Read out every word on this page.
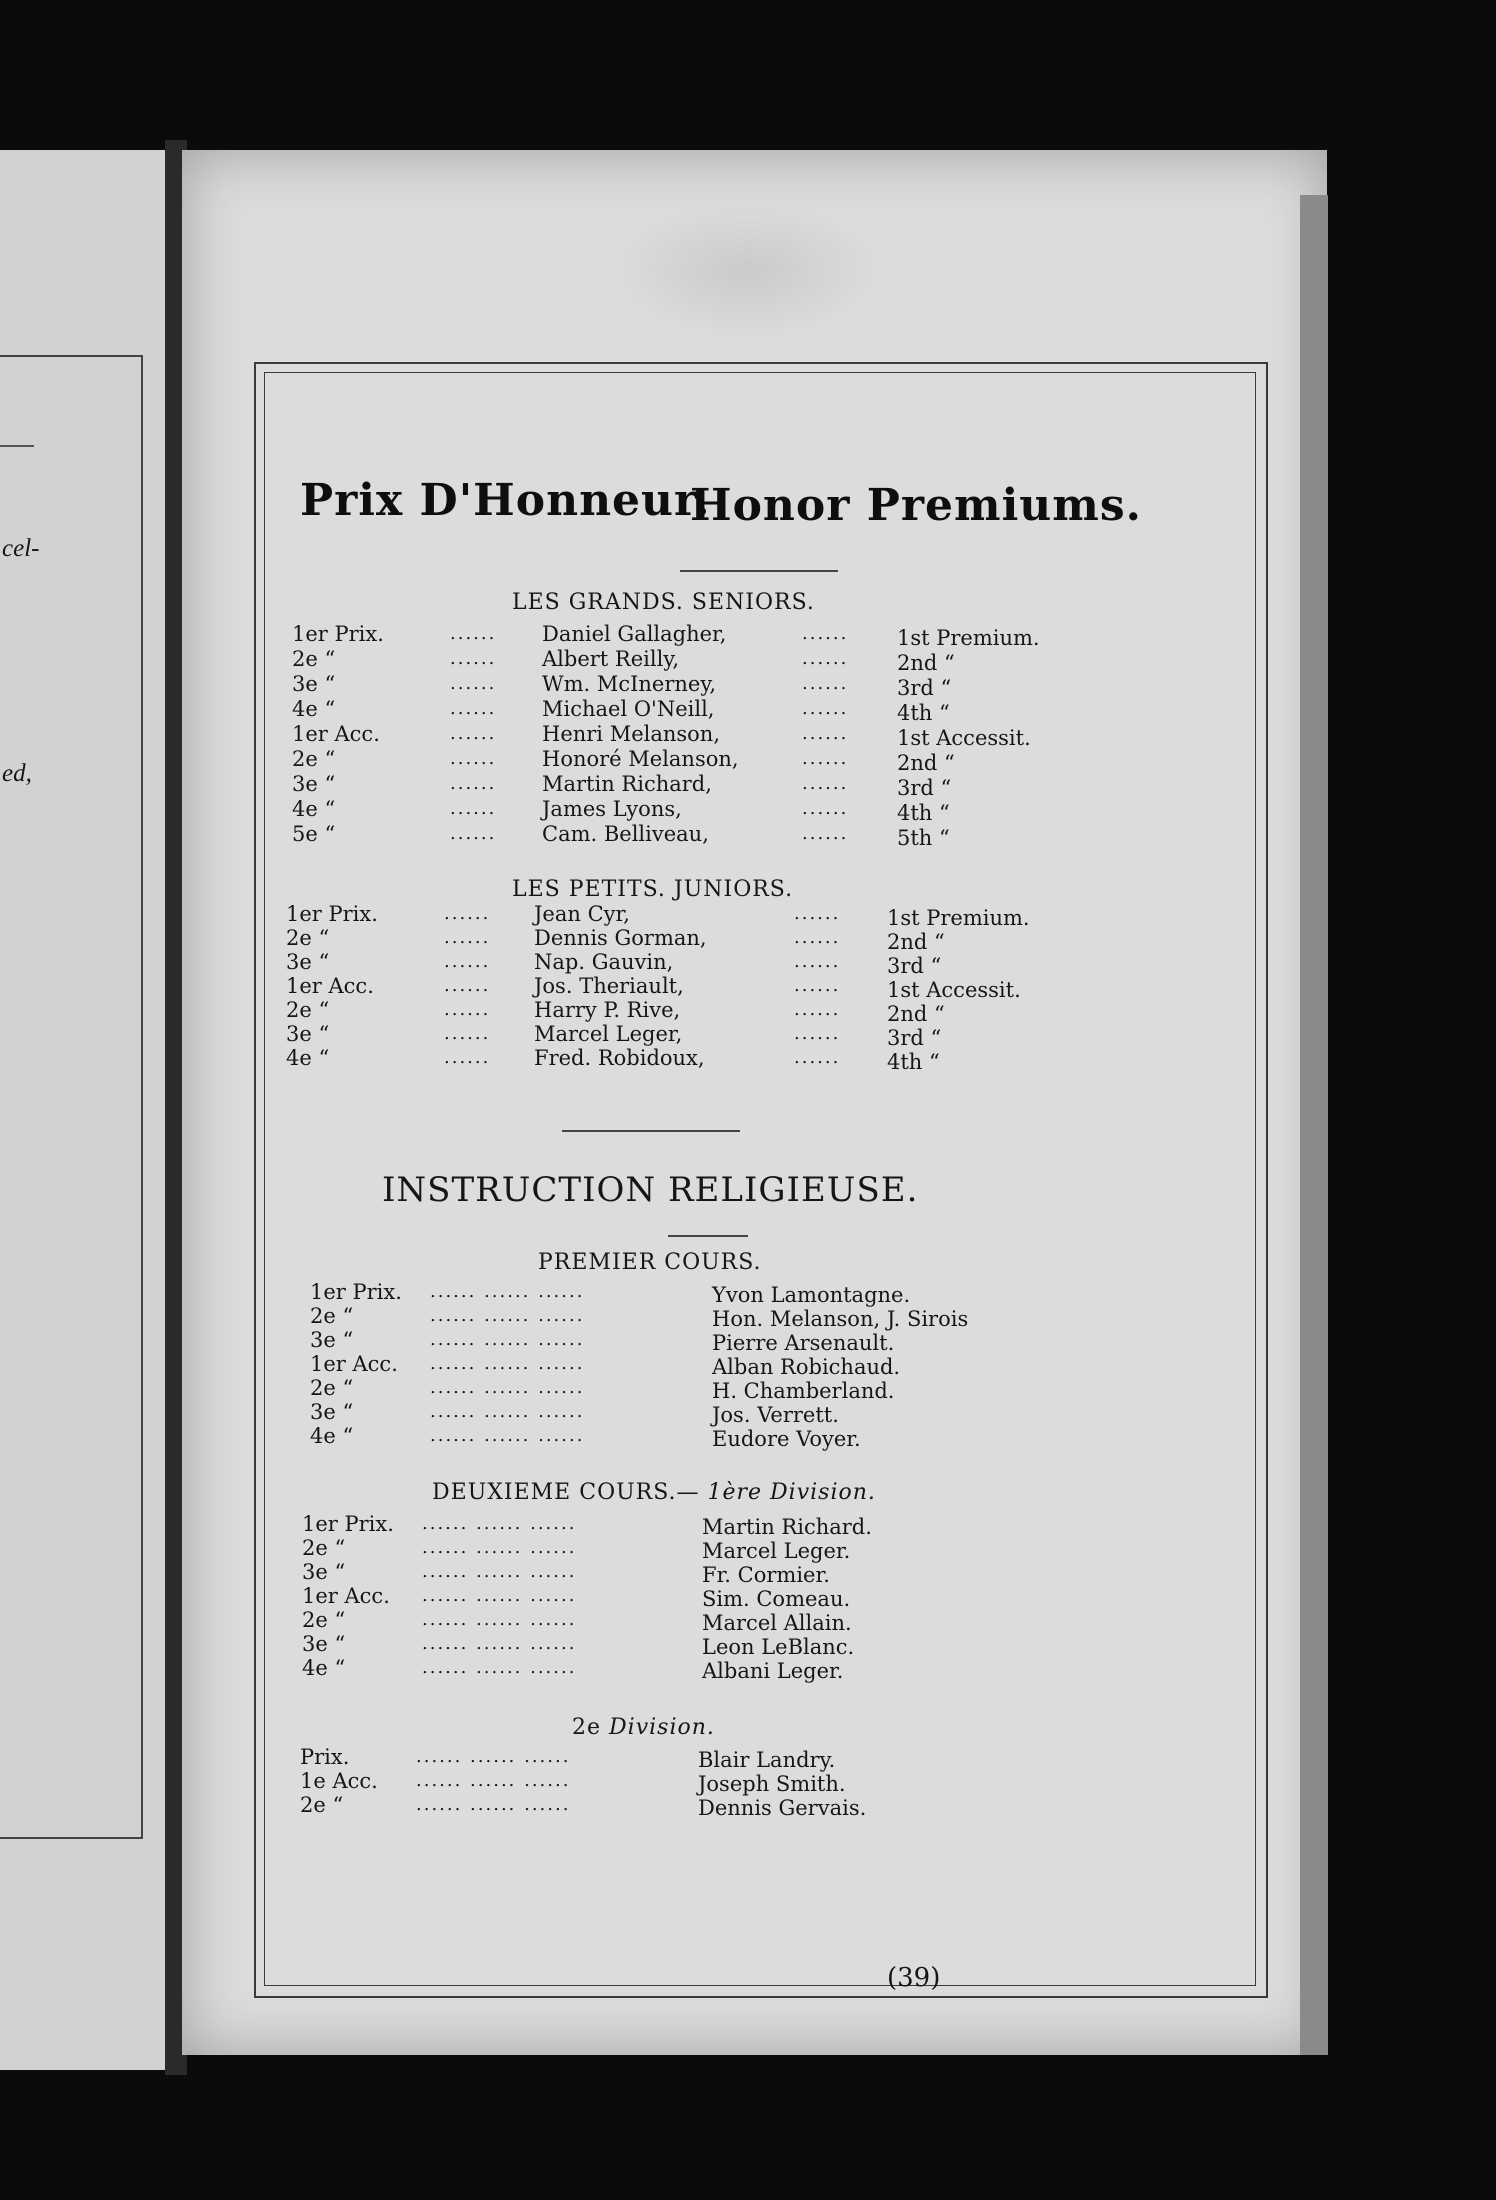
cel-
ed,
Prix D'Honneur.
Honor Premiums.
LES GRANDS. SENIORS.
1er Prix.	...... Daniel Gallagher,	...... 1st Premium.
2e “	...... Albert Reilly,	...... 2nd “
3e “	...... Wm. McInerney,	...... 3rd “
4e “	...... Michael O'Neill,	...... 4th “
1er Acc.	...... Henri Melanson,	...... 1st Accessit.
2e “	...... Honoré Melanson,	...... 2nd “
3e “	...... Martin Richard,	...... 3rd “
4e “	...... James Lyons,	...... 4th “
5e “	...... Cam. Belliveau,	...... 5th “
LES PETITS. JUNIORS.
1er Prix.	...... Jean Cyr,	...... 1st Premium.
2e “	...... Dennis Gorman,	...... 2nd “
3e “	...... Nap. Gauvin,	...... 3rd “
1er Acc.	...... Jos. Theriault,	...... 1st Accessit.
2e “	...... Harry P. Rive,	...... 2nd “
3e “	...... Marcel Leger,	...... 3rd “
4e “	...... Fred. Robidoux,	...... 4th “
INSTRUCTION RELIGIEUSE.
PREMIER COURS.
1er Prix. ...... ...... ......	Yvon Lamontagne.
2e “	...... ...... ......	Hon. Melanson, J. Sirois
3e “	...... ...... ......	Pierre Arsenault.
1er Acc. ...... ...... ......	Alban Robichaud.
2e “	...... ...... ......	H. Chamberland.
3e “	...... ...... ......	Jos. Verrett.
4e “	...... ...... ......	Eudore Voyer.
DEUXIEME COURS.— 1ère Division.
1er Prix. ...... ...... ......	Martin Richard.
2e “	...... ...... ......	Marcel Leger.
3e “	...... ...... ......	Fr. Cormier.
1er Acc. ...... ...... ......	Sim. Comeau.
2e “	...... ...... ......	Marcel Allain.
3e “	...... ...... ......	Leon LeBlanc.
4e “	...... ...... ......	Albani Leger.
2e Division.
Prix.	...... ...... ......	Blair Landry.
1e Acc. ...... ...... ......	Joseph Smith.
2e “	...... ...... ......	Dennis Gervais.
(39)
